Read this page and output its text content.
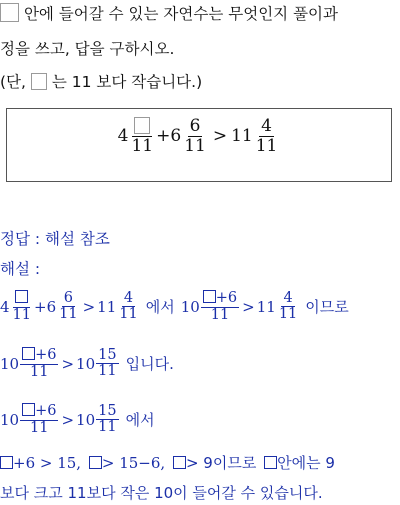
안에 들어갈 수 있는 자연수는 무엇인지 풀이과
정을 쓰고, 답을 구하시오.
(단, 는 11 보다 작습니다.)
4 $11 + 6 \frac{6}{11} > 11 \frac{4}{11}$
정답 : 해설 참조
해설 :
4 $11 + 6 \frac{6}{11} > 11 \frac{4}{11}$ 에서 $10 \frac{+6}{11} > 11 \frac{4}{11}$ 이므로
$10 \frac{+6}{11} > 10 \frac{15}{11}$ 입니다.
$10 \frac{+6}{11} > 10 \frac{15}{11}$ 에서
+6 > 15, > 15−6, > 9이므로 안에는 9
보다 크고 11보다 작은 10이 들어갈 수 있습니다.
